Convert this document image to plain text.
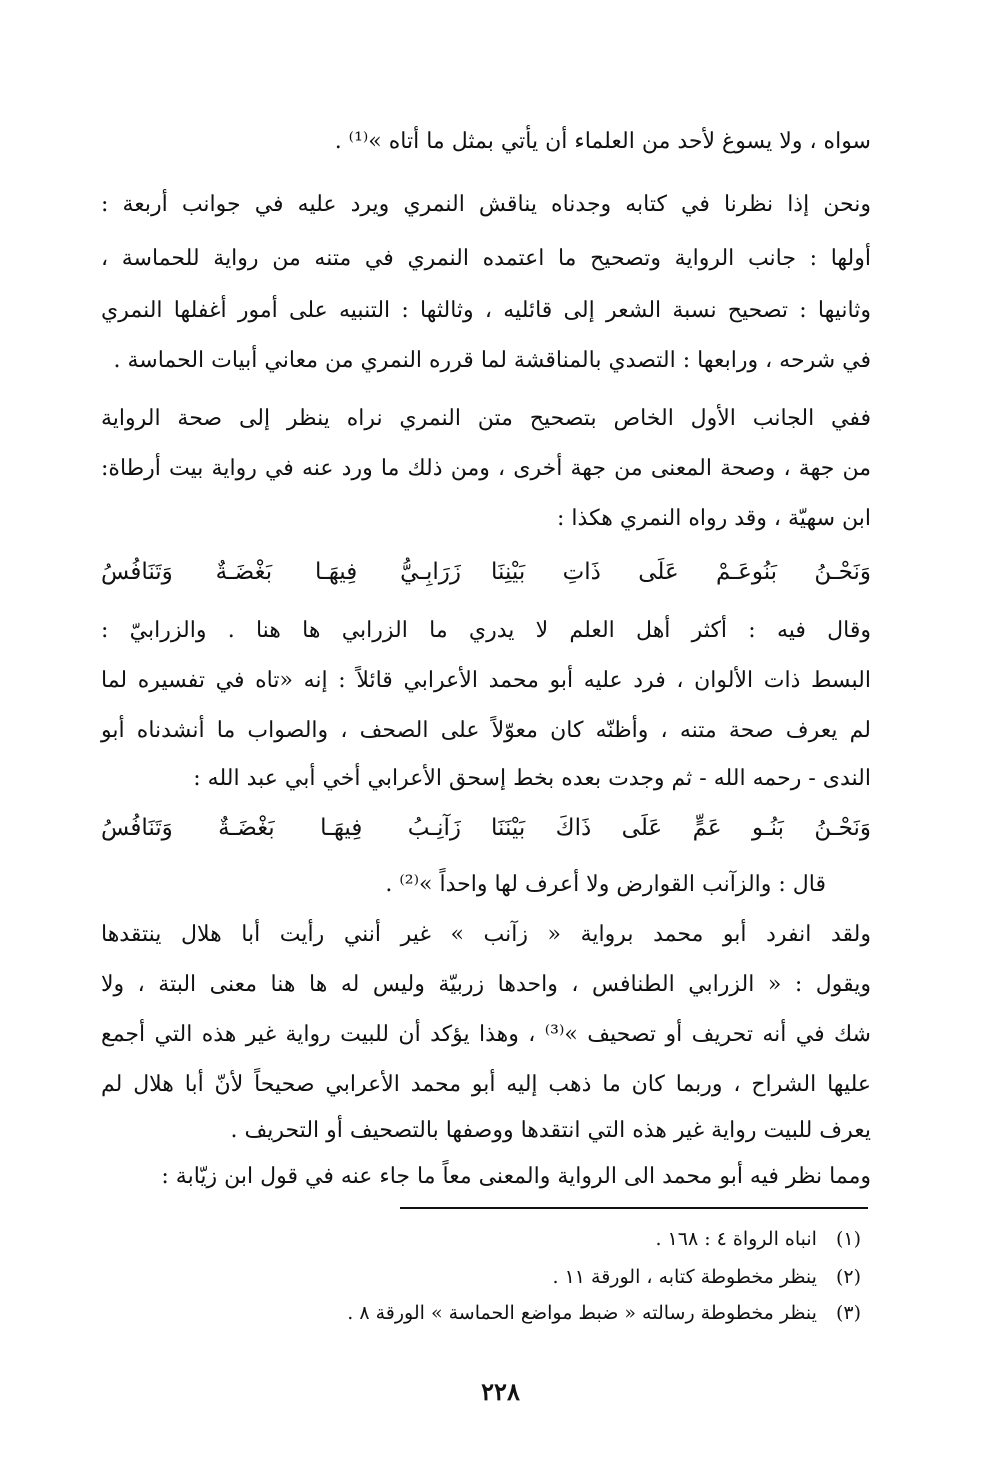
سواه ، ولا يسوغ لأحد من العلماء أن يأتي بمثل ما أتاه »⁽¹⁾ .

ونحن إذا نظرنا في كتابه وجدناه يناقش النمري ويرد عليه في جوانب أربعة :

أولها : جانب الرواية وتصحيح ما اعتمده النمري في متنه من رواية للحماسة ،

وثانيها : تصحيح نسبة الشعر إلى قائليه ، وثالثها : التنبيه على أمور أغفلها النمري

في شرحه ، ورابعها : التصدي بالمناقشة لما قرره النمري من معاني أبيات الحماسة .

ففي الجانب الأول الخاص بتصحيح متن النمري نراه ينظر إلى صحة الرواية

من جهة ، وصحة المعنى من جهة أخرى ، ومن ذلك ما ورد عنه في رواية بيت أرطاة:

ابن سهيّة ، وقد رواه النمري هكذا :

وَنَحْـنُ بَنُوعَـمْ عَلَى ذَاتِ بَيْنِنَا
زَرَابِـيُّ فِيهَـا بَغْضَـةٌ وَتَنَافُسُ

وقال فيه : أكثر أهل العلم لا يدري ما الزرابي ها هنا . والزرابيّ :

البسط ذات الألوان ، فرد عليه أبو محمد الأعرابي قائلاً : إنه «تاه في تفسيره لما

لم يعرف صحة متنه ، وأظنّه كان معوّلاً على الصحف ، والصواب ما أنشدناه أبو

الندى - رحمه الله - ثم وجدت بعده بخط إسحق الأعرابي أخي أبي عبد الله :

وَنَحْـنُ بَنُـو عَمٍّ عَلَى ذَاكَ بَيْنَنَا
زَآنِـبُ فِيهَـا بَغْضَـةٌ وَتَنَافُسُ

قال : والزآنب القوارض ولا أعرف لها واحداً »⁽²⁾ .

ولقد انفرد أبو محمد برواية « زآنب » غير أنني رأيت أبا هلال ينتقدها

ويقول : « الزرابي الطنافس ، واحدها زربيّة وليس له ها هنا معنى البتة ، ولا

شك في أنه تحريف أو تصحيف »⁽³⁾ ، وهذا يؤكد أن للبيت رواية غير هذه التي أجمع

عليها الشراح ، وربما كان ما ذهب إليه أبو محمد الأعرابي صحيحاً لأنّ أبا هلال لم

يعرف للبيت رواية غير هذه التي انتقدها ووصفها بالتصحيف أو التحريف .

ومما نظر فيه أبو محمد الى الرواية والمعنى معاً ما جاء عنه في قول ابن زيّابة :

(١) انباه الرواة ٤ : ١٦٨ .
(٢) ينظر مخطوطة كتابه ، الورقة ١١ .
(٣) ينظر مخطوطة رسالته « ضبط مواضع الحماسة » الورقة ٨ .
٢٢٨
